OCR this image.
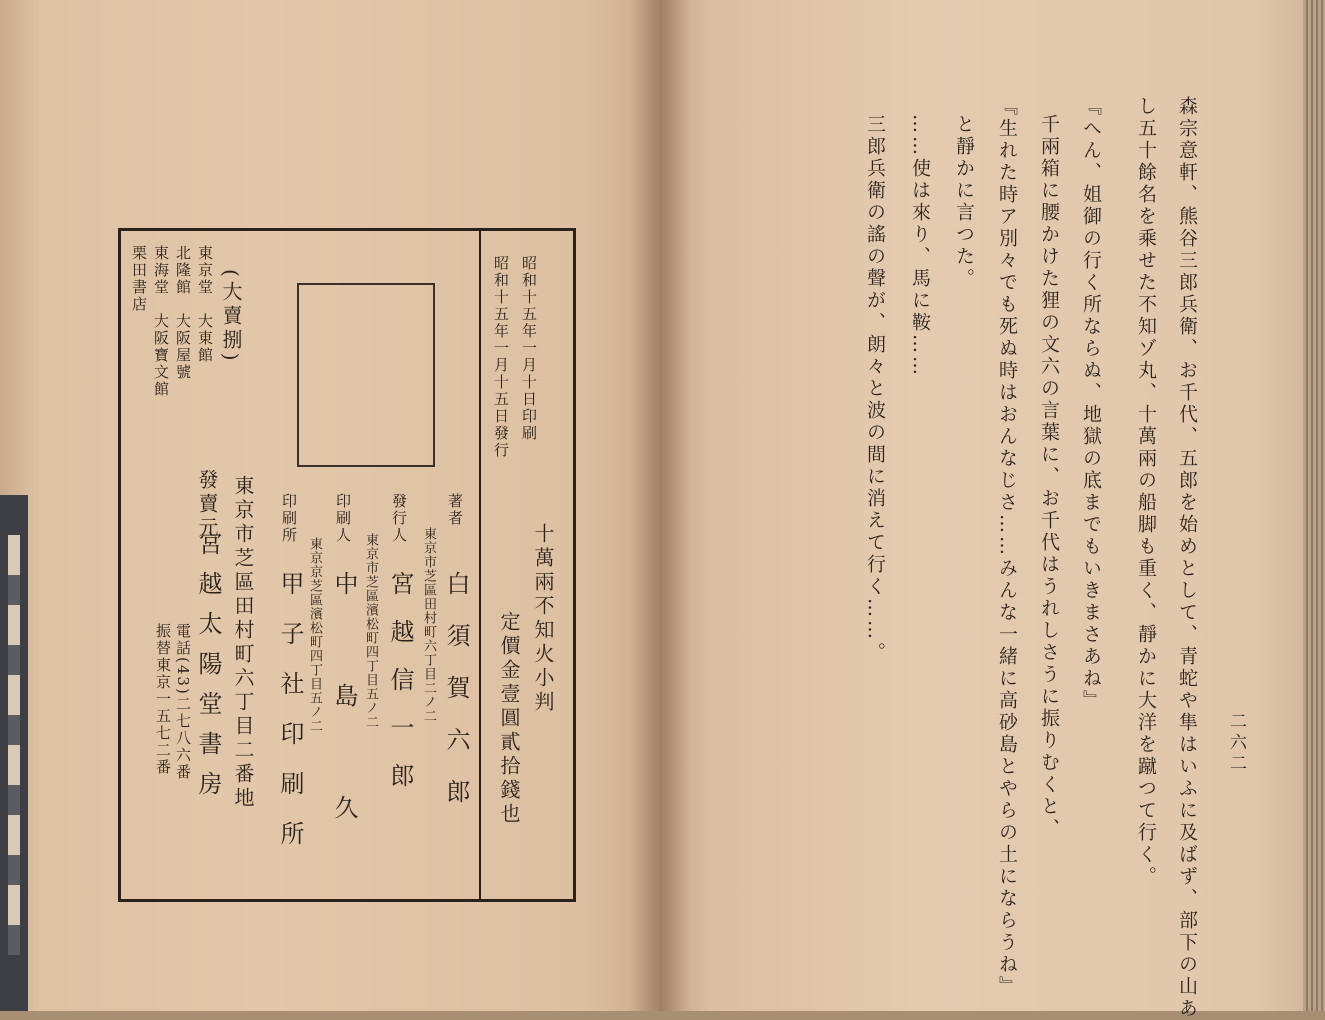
二六二
森宗意軒、熊谷三郎兵衛、お千代、五郎を始めとして、青蛇や隼はいふに及ばず、部下の山あ
し五十餘名を乘せた不知ゾ丸、十萬兩の船脚も重く、靜かに大洋を蹴つて行く。
『へん、姐御の行く所ならぬ、地獄の底までもいきまさあね』
千兩箱に腰かけた狸の文六の言葉に、お千代はうれしさうに振りむくと、
『生れた時ア別々でも死ぬ時はおんなじさ……みんな一緒に高砂島とやらの土にならうね』
と靜かに言つた。
……使は來り、馬に鞍……
三郎兵衛の謠の聲が、朗々と波の間に消えて行く……。
昭和十五年一月十日印刷
昭和十五年一月十五日發行
十萬兩不知火小判
定價金壹圓貳拾錢也
著者
白須賀六郎
東京市芝區田村町六丁目二ノ二
發行人
宮越信一郎
東京市芝區濱松町四丁目五ノ二
印刷人
中島久
東京京芝區濱松町四丁目五ノ二
印刷所
甲子社印刷所
東京市芝區田村町六丁目二番地
發賣元
宮越太陽堂書房
電話(43)二七八六番
振替東京一五七二番
(大賣捌)
東京堂　大東館
北隆館　大阪屋號
東海堂　大阪寶文館
栗田書店
